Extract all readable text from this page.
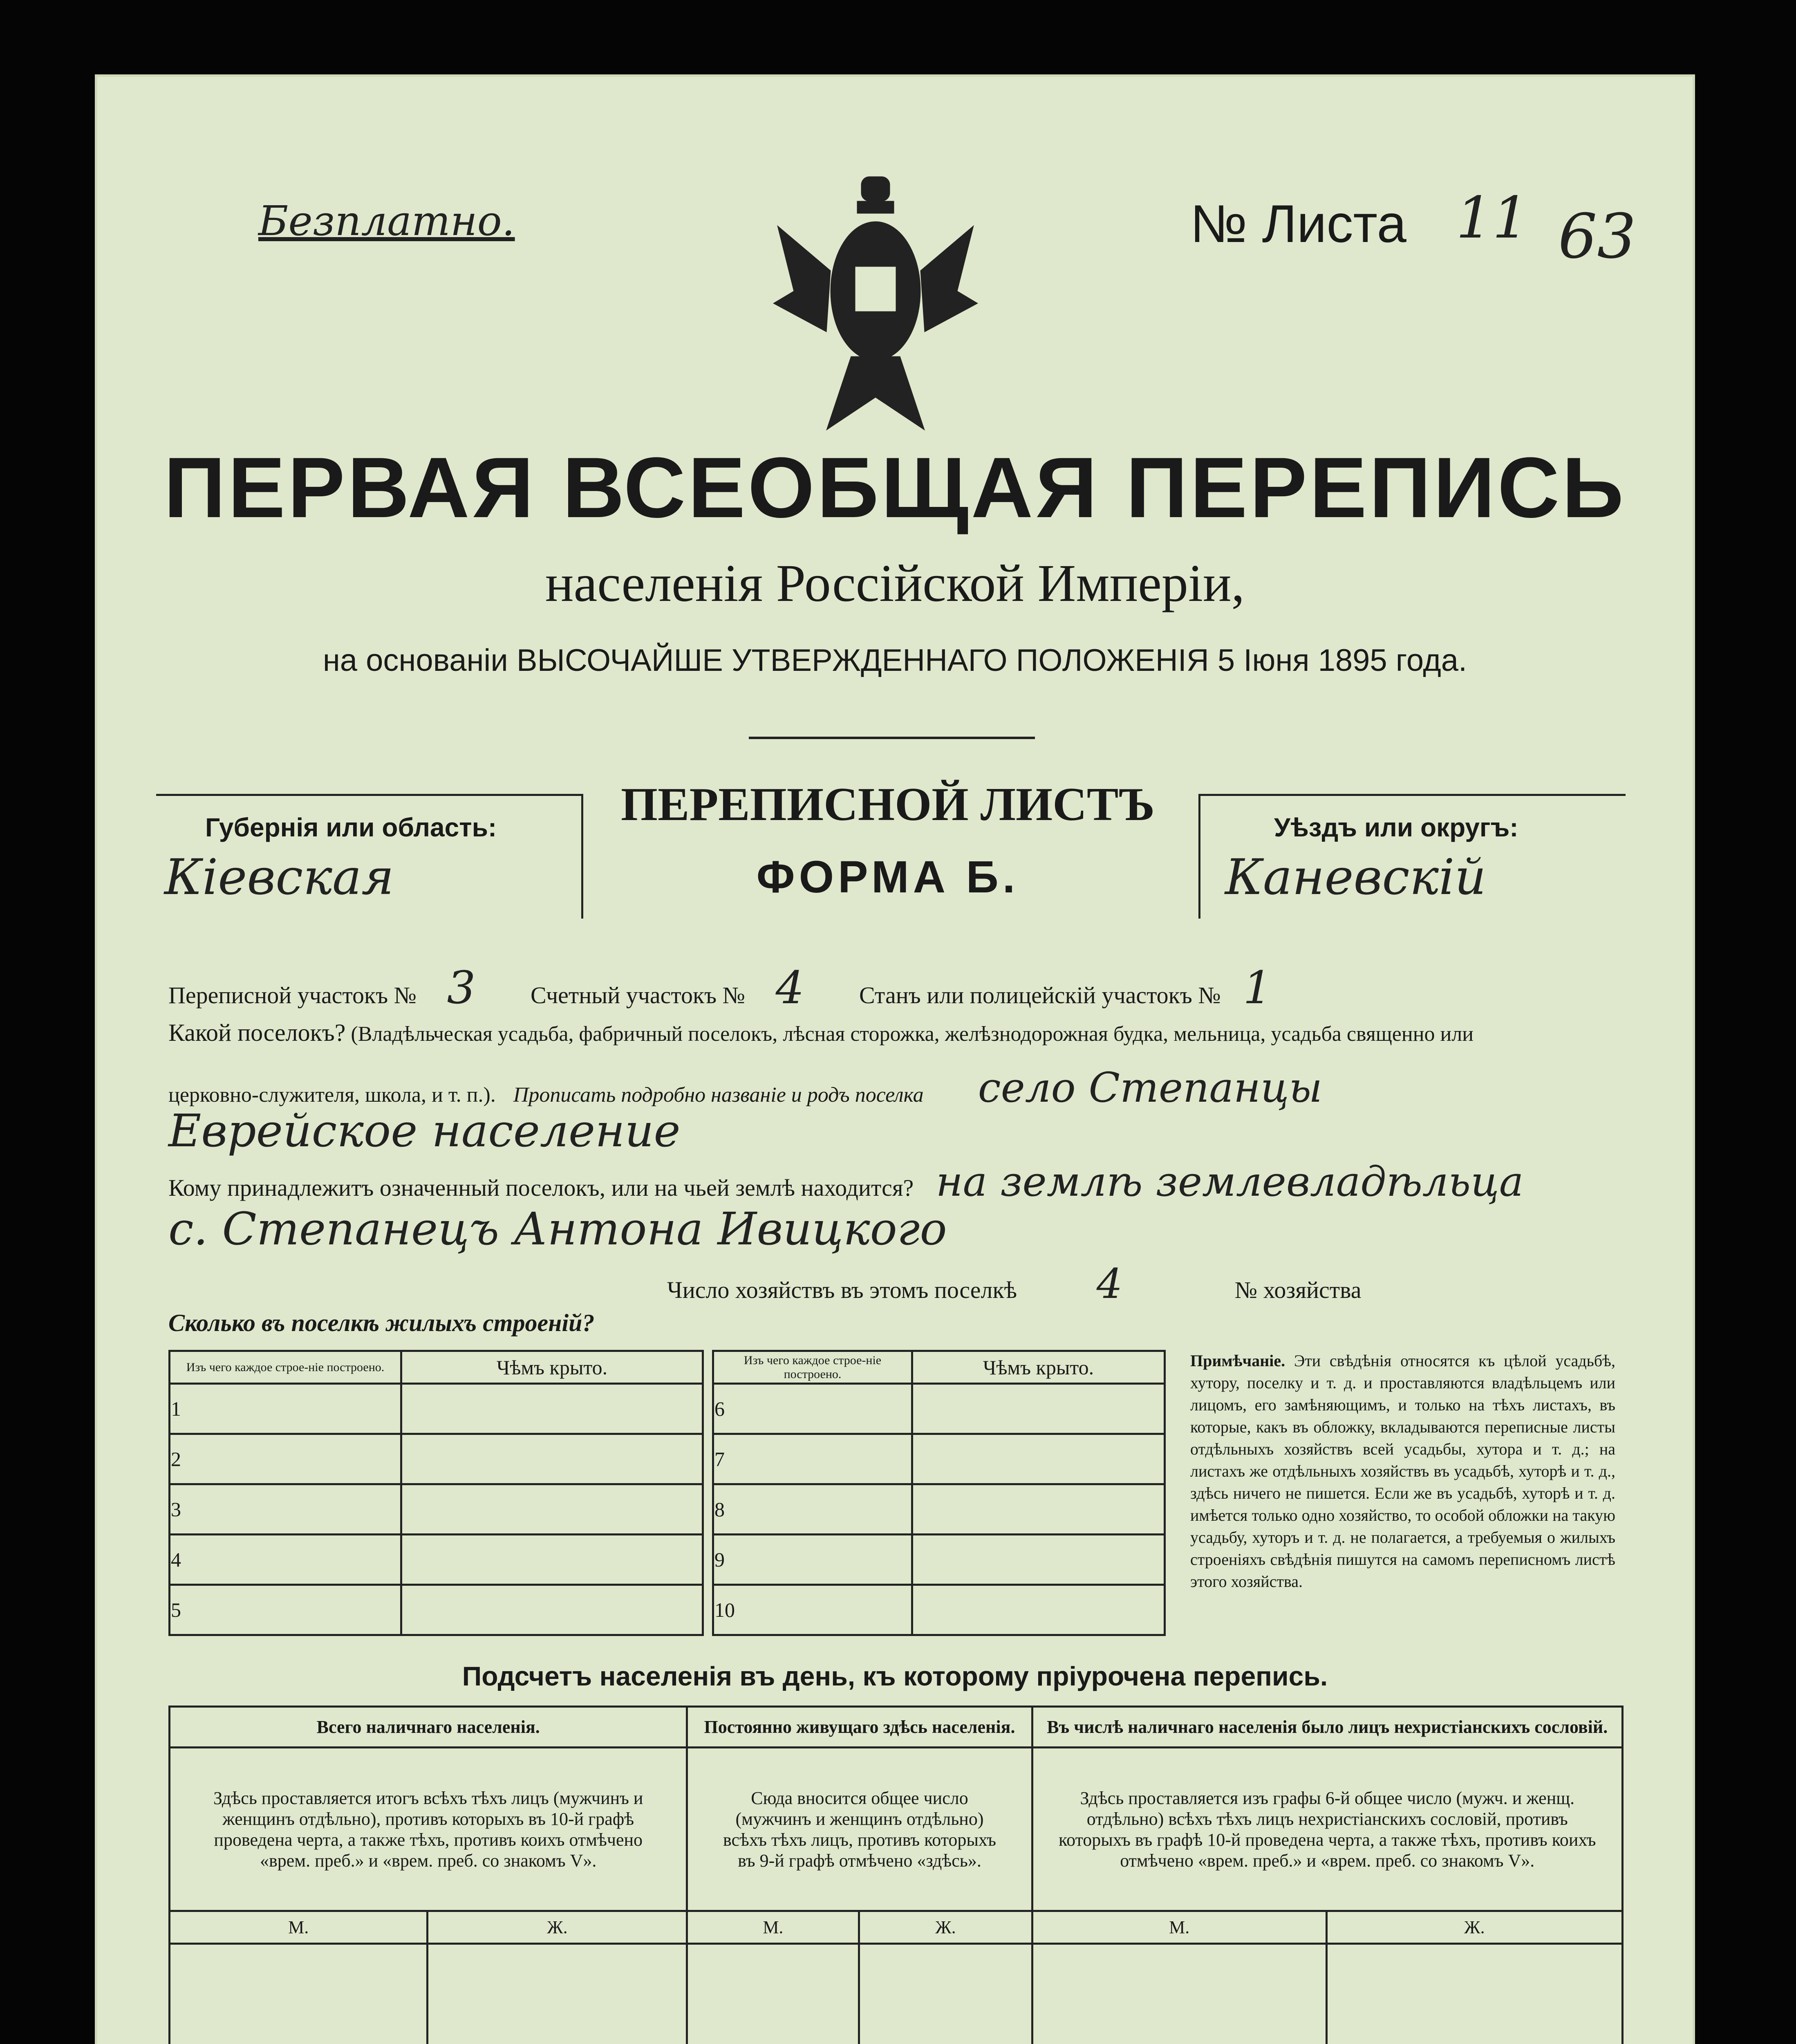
Безплатно.	№ Листа 11 63
ПЕРВАЯ ВСЕОБЩАЯ ПЕРЕПИСЬ
населенія Россійской Имперіи,
на основаніи ВЫСОЧАЙШЕ УТВЕРЖДЕННАГО ПОЛОЖЕНІЯ 5 Іюня 1895 года.
Губернія или область:
Кіевская
ПЕРЕПИСНОЙ ЛИСТЪ
ФОРМА Б.
Уѣздъ или округъ:
Каневскій
Переписной участокъ № 3 Счетный участокъ № 4 Станъ или полицейскій участокъ № 1
Какой поселокъ? (Владѣльческая усадьба, фабричный поселокъ, лѣсная сторожка, желѣзнодорожная будка, мельница, усадьба священно или
церковно-служителя, школа, и т. п.). Прописать подробно названіе и родъ поселка село Степанцы
Еврейское население
Кому принадлежитъ означенный поселокъ, или на чьей землѣ находится? на землѣ землевладѣльца
с. Степанецъ Антона Ивицкого
Число хозяйствъ въ этомъ поселкѣ 4	№ хозяйства
Сколько въ поселкѣ жилыхъ строеній?
Изъ чего каждое строе-ніе построено.	Чѣмъ крыто.
1	
2	
3	
4	
5	
Изъ чего каждое строе-ніе построено.	Чѣмъ крыто.
6	
7	
8	
9	
10	
Примѣчаніе. Эти свѣдѣнія относятся къ цѣлой усадьбѣ, хутору, поселку и т. д. и проставляются владѣльцемъ или лицомъ, его замѣняющимъ, и только на тѣхъ листахъ, въ которые, какъ въ обложку, вкладываются переписные листы отдѣльныхъ хозяйствъ всей усадьбы, хутора и т. д.; на листахъ же отдѣльныхъ хозяйствъ въ усадьбѣ, хуторѣ и т. д., здѣсь ничего не пишется. Если же въ усадьбѣ, хуторѣ и т. д. имѣется только одно хозяйство, то особой обложки на такую усадьбу, хуторъ и т. д. не полагается, а требуемыя о жилыхъ строеніяхъ свѣдѣнія пишутся на самомъ переписномъ листѣ этого хозяйства.
Подсчетъ населенія въ день, къ которому пріурочена перепись.
Всего наличнаго населенія.		Постоянно живущаго здѣсь населенія.		Въ числѣ наличнаго населенія было лицъ нехристіанскихъ сословій.	
Здѣсь проставляется итогъ всѣхъ тѣхъ лицъ (мужчинъ и женщинъ отдѣльно), противъ которыхъ въ 10-й графѣ проведена черта, а также тѣхъ, противъ коихъ отмѣчено «врем. преб.» и «врем. преб. со знакомъ V».		Сюда вносится общее число (мужчинъ и женщинъ отдѣльно) всѣхъ тѣхъ лицъ, противъ которыхъ въ 9-й графѣ отмѣчено «здѣсь».		Здѣсь проставляется изъ графы 6-й общее число (мужч. и женщ. отдѣльно) всѣхъ тѣхъ лицъ нехристіанскихъ сословій, противъ которыхъ въ графѣ 10-й проведена черта, а также тѣхъ, противъ коихъ отмѣчено «врем. преб.» и «врем. преб. со знакомъ V».	
М.	Ж.	М.	Ж.	М.	Ж.
